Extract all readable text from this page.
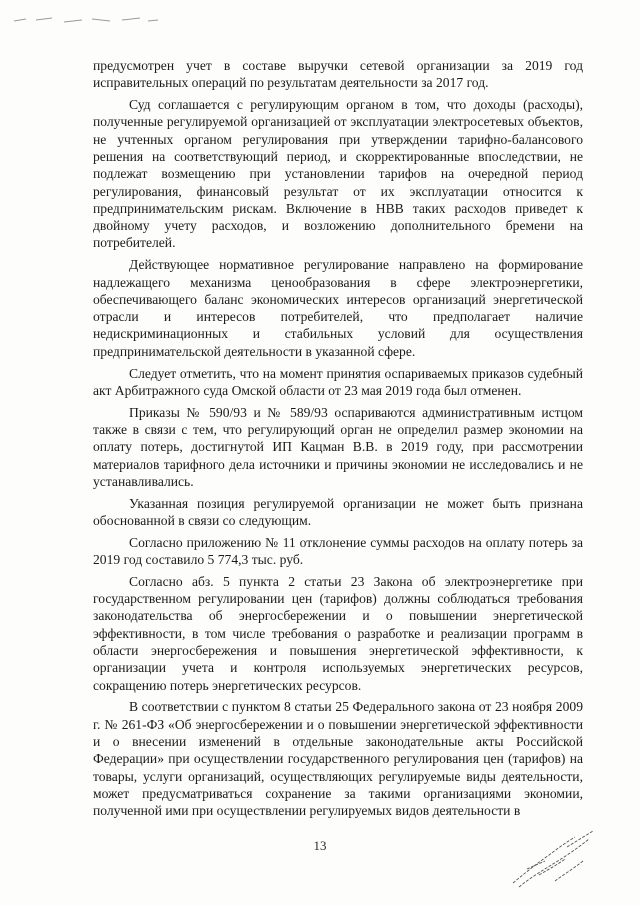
предусмотрен учет в составе выручки сетевой организации за 2019 год исправительных операций по результатам деятельности за 2017 год.

Суд соглашается с регулирующим органом в том, что доходы (расходы), полученные регулируемой организацией от эксплуатации электросетевых объектов, не учтенных органом регулирования при утверждении тарифно-балансового решения на соответствующий период, и скорректированные впоследствии, не подлежат возмещению при установлении тарифов на очередной период регулирования, финансовый результат от их эксплуатации относится к предпринимательским рискам. Включение в НВВ таких расходов приведет к двойному учету расходов, и возложению дополнительного бремени на потребителей.

Действующее нормативное регулирование направлено на формирование надлежащего механизма ценообразования в сфере электроэнергетики, обеспечивающего баланс экономических интересов организаций энергетической отрасли и интересов потребителей, что предполагает наличие недискриминационных и стабильных условий для осуществления предпринимательской деятельности в указанной сфере.

Следует отметить, что на момент принятия оспариваемых приказов судебный акт Арбитражного суда Омской области от 23 мая 2019 года был отменен.

Приказы № 590/93 и № 589/93 оспариваются административным истцом также в связи с тем, что регулирующий орган не определил размер экономии на оплату потерь, достигнутой ИП Кацман В.В. в 2019 году, при рассмотрении материалов тарифного дела источники и причины экономии не исследовались и не устанавливались.

Указанная позиция регулируемой организации не может быть признана обоснованной в связи со следующим.

Согласно приложению № 11 отклонение суммы расходов на оплату потерь за 2019 год составило 5 774,3 тыс. руб.

Согласно абз. 5 пункта 2 статьи 23 Закона об электроэнергетике при государственном регулировании цен (тарифов) должны соблюдаться требования законодательства об энергосбережении и о повышении энергетической эффективности, в том числе требования о разработке и реализации программ в области энергосбережения и повышения энергетической эффективности, к организации учета и контроля используемых энергетических ресурсов, сокращению потерь энергетических ресурсов.

В соответствии с пунктом 8 статьи 25 Федерального закона от 23 ноября 2009 г. № 261-ФЗ «Об энергосбережении и о повышении энергетической эффективности и о внесении изменений в отдельные законодательные акты Российской Федерации» при осуществлении государственного регулирования цен (тарифов) на товары, услуги организаций, осуществляющих регулируемые виды деятельности, может предусматриваться сохранение за такими организациями экономии, полученной ими при осуществлении регулируемых видов деятельности в

13
